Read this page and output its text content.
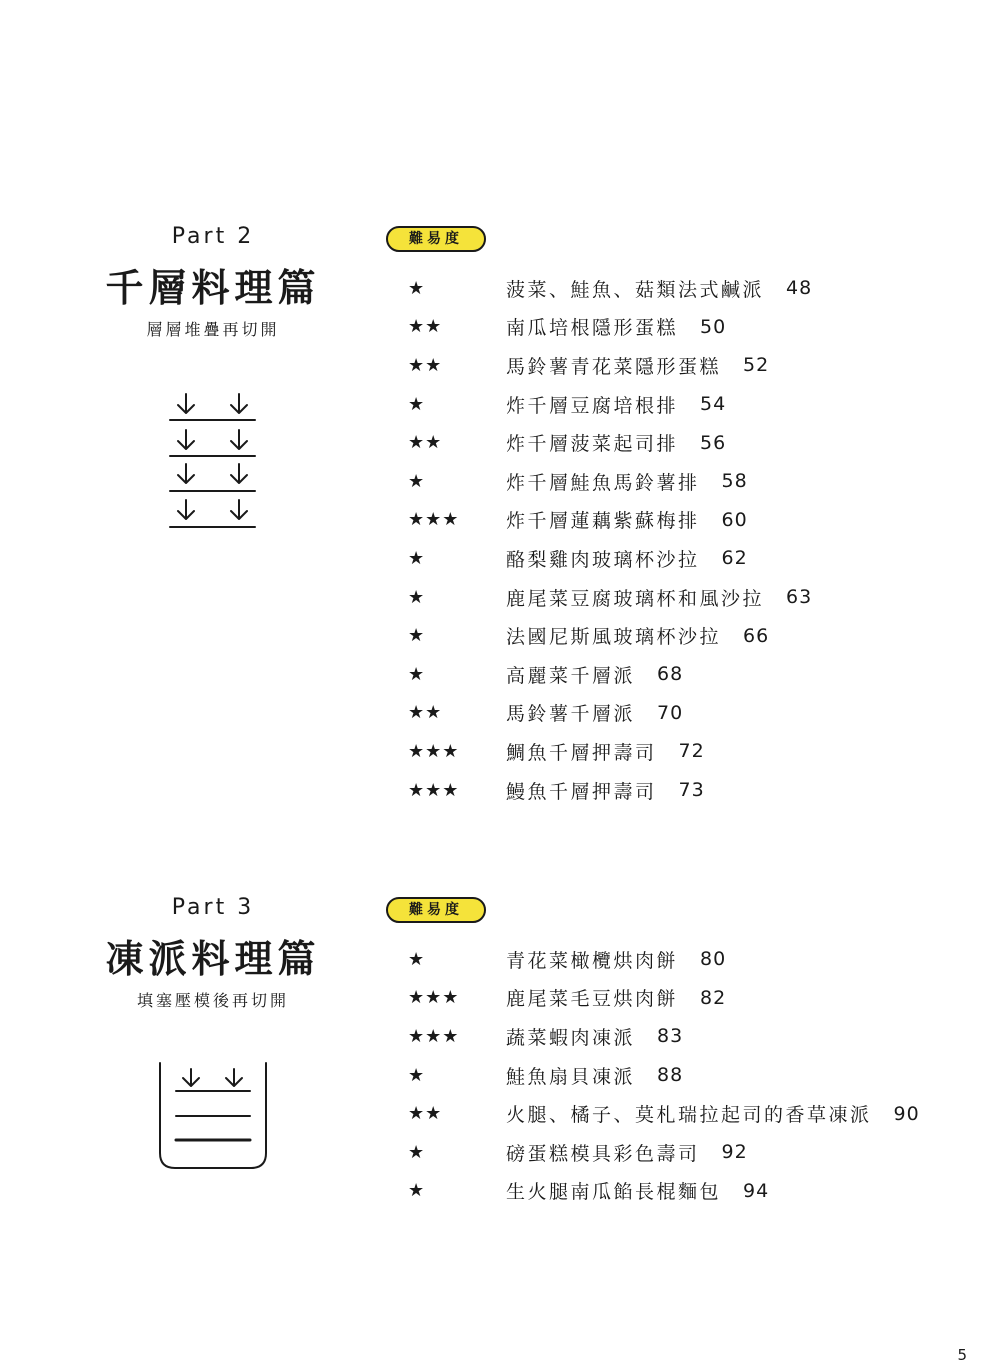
Part 2
千層料理篇
層層堆疊再切開
難易度
★	菠菜、鮭魚、菇類法式鹹派 48
★★	南瓜培根隱形蛋糕 50
★★	馬鈴薯青花菜隱形蛋糕 52
★	炸千層豆腐培根排 54
★★	炸千層菠菜起司排 56
★	炸千層鮭魚馬鈴薯排 58
★★★	炸千層蓮藕紫蘇梅排 60
★	酪梨雞肉玻璃杯沙拉 62
★	鹿尾菜豆腐玻璃杯和風沙拉 63
★	法國尼斯風玻璃杯沙拉 66
★	高麗菜千層派 68
★★	馬鈴薯千層派 70
★★★	鯛魚千層押壽司 72
★★★	鰻魚千層押壽司 73
Part 3
凍派料理篇
填塞壓模後再切開
難易度
★	青花菜橄欖烘肉餅 80
★★★	鹿尾菜毛豆烘肉餅 82
★★★	蔬菜蝦肉凍派 83
★	鮭魚扇貝凍派 88
★★	火腿、橘子、莫札瑞拉起司的香草凍派 90
★	磅蛋糕模具彩色壽司 92
★	生火腿南瓜餡長棍麵包 94
5
